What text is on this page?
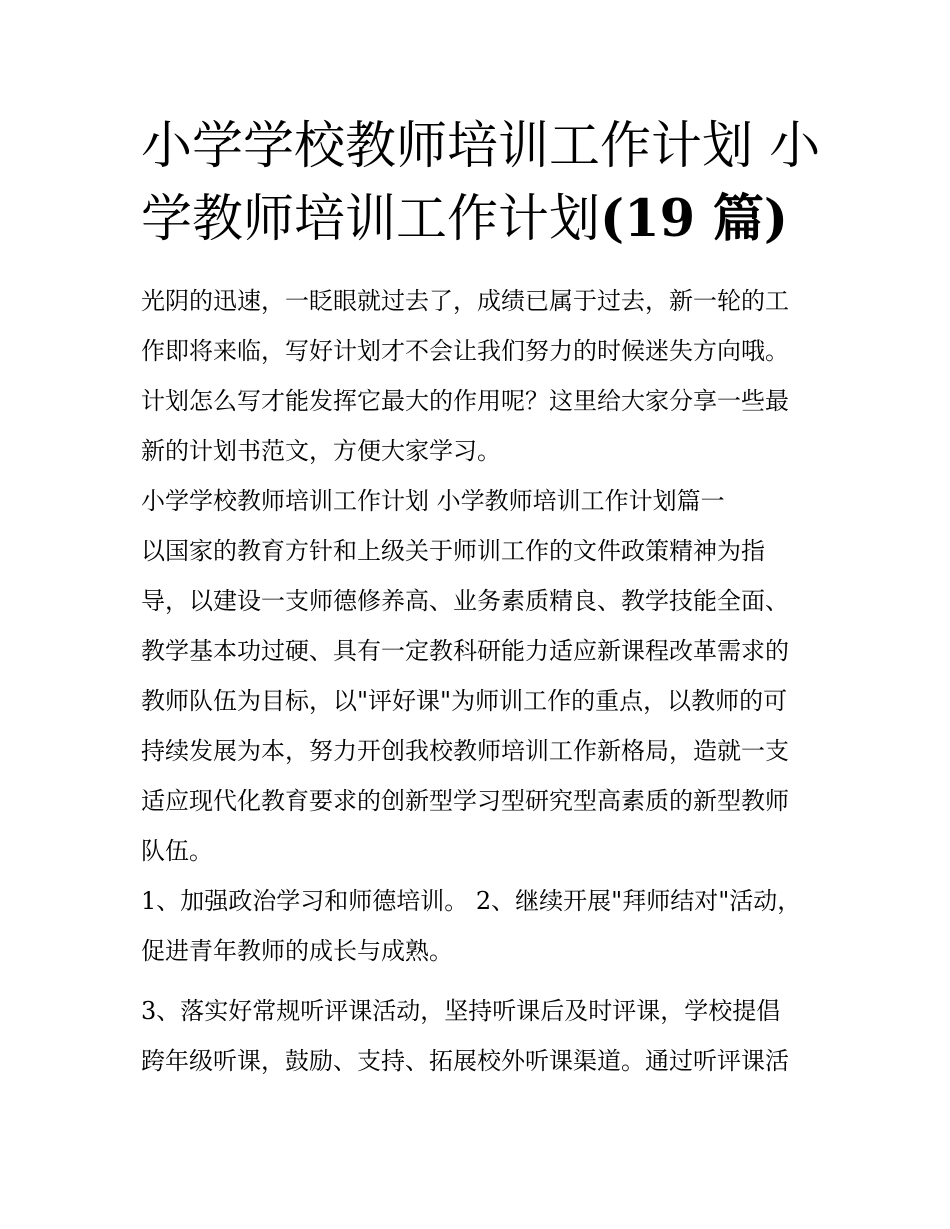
小学学校教师培训工作计划 小
学教师培训工作计划(19 篇)
光阴的迅速，一眨眼就过去了，成绩已属于过去，新一轮的工
作即将来临，写好计划才不会让我们努力的时候迷失方向哦。
计划怎么写才能发挥它最大的作用呢？这里给大家分享一些最
新的计划书范文，方便大家学习。
小学学校教师培训工作计划 小学教师培训工作计划篇一
以国家的教育方针和上级关于师训工作的文件政策精神为指
导，以建设一支师德修养高、业务素质精良、教学技能全面、
教学基本功过硬、具有一定教科研能力适应新课程改革需求的
教师队伍为目标，以"评好课"为师训工作的重点，以教师的可
持续发展为本，努力开创我校教师培训工作新格局，造就一支
适应现代化教育要求的创新型学习型研究型高素质的新型教师
队伍。
1、加强政治学习和师德培训。 2、继续开展"拜师结对"活动，
促进青年教师的成长与成熟。
3、落实好常规听评课活动，坚持听课后及时评课，学校提倡
跨年级听课，鼓励、支持、拓展校外听课渠道。通过听评课活
